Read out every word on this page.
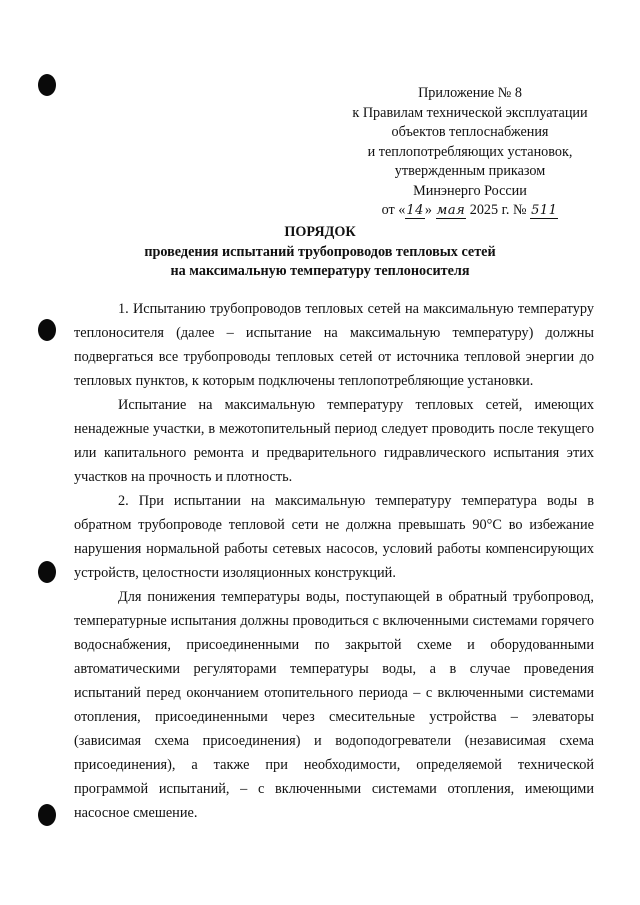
Приложение № 8
к Правилам технической эксплуатации
объектов теплоснабжения
и теплопотребляющих установок,
утвержденным приказом
Минэнерго России
от «14» мая 2025 г. № 511
ПОРЯДОК
проведения испытаний трубопроводов тепловых сетей
на максимальную температуру теплоносителя

1. Испытанию трубопроводов тепловых сетей на максимальную температуру теплоносителя (далее – испытание на максимальную температуру) должны подвергаться все трубопроводы тепловых сетей от источника тепловой энергии до тепловых пунктов, к которым подключены теплопотребляющие установки.

Испытание на максимальную температуру тепловых сетей, имеющих ненадежные участки, в межотопительный период следует проводить после текущего или капитального ремонта и предварительного гидравлического испытания этих участков на прочность и плотность.

2. При испытании на максимальную температуру температура воды в обратном трубопроводе тепловой сети не должна превышать 90°С во избежание нарушения нормальной работы сетевых насосов, условий работы компенсирующих устройств, целостности изоляционных конструкций.

Для понижения температуры воды, поступающей в обратный трубопровод, температурные испытания должны проводиться с включенными системами горячего водоснабжения, присоединенными по закрытой схеме и оборудованными автоматическими регуляторами температуры воды, а в случае проведения испытаний перед окончанием отопительного периода – с включенными системами отопления, присоединенными через смесительные устройства – элеваторы (зависимая схема присоединения) и водоподогреватели (независимая схема присоединения), а также при необходимости, определяемой технической программой испытаний, – с включенными системами отопления, имеющими насосное смешение.
